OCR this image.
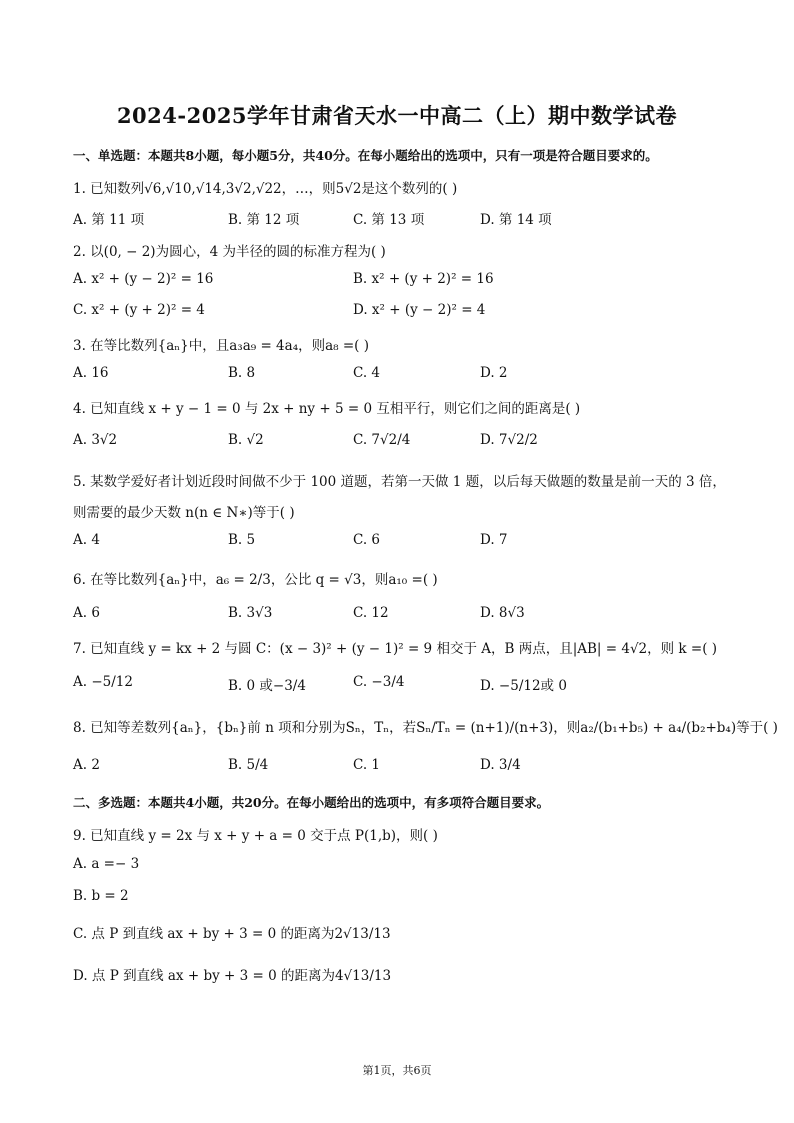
2024-2025学年甘肃省天水一中高二（上）期中数学试卷
一、单选题：本题共8小题，每小题5分，共40分。在每小题给出的选项中，只有一项是符合题目要求的。
1. 已知数列√6,√10,√14,3√2,√22，…，则5√2是这个数列的( )
A. 第 11 项	B. 第 12 项	C. 第 13 项	D. 第 14 项
2. 以(0, − 2)为圆心，4 为半径的圆的标准方程为( )
A. x² + (y − 2)² = 16	B. x² + (y + 2)² = 16
C. x² + (y + 2)² = 4	D. x² + (y − 2)² = 4
3. 在等比数列{aₙ}中，且a₃a₉ = 4a₄，则a₈ =( )
A. 16	B. 8	C. 4	D. 2
4. 已知直线 x + y − 1 = 0 与 2x + ny + 5 = 0 互相平行，则它们之间的距离是( )
A. 3√2	B. √2	C. 7√2/4	D. 7√2/2
5. 某数学爱好者计划近段时间做不少于 100 道题，若第一天做 1 题，以后每天做题的数量是前一天的 3 倍，
则需要的最少天数 n(n ∈ N∗)等于( )
A. 4	B. 5	C. 6	D. 7
6. 在等比数列{aₙ}中，a₆ = 2/3，公比 q = √3，则a₁₀ =( )
A. 6	B. 3√3	C. 12	D. 8√3
7. 已知直线 y = kx + 2 与圆 C：(x − 3)² + (y − 1)² = 9 相交于 A，B 两点，且|AB| = 4√2，则 k =( )
A. −5/12	B. 0 或−3/4	C. −3/4	D. −5/12或 0
8. 已知等差数列{aₙ}，{bₙ}前 n 项和分别为Sₙ，Tₙ，若Sₙ/Tₙ = (n+1)/(n+3)，则a₂/(b₁+b₅) + a₄/(b₂+b₄)等于( )
A. 2	B. 5/4	C. 1	D. 3/4
二、多选题：本题共4小题，共20分。在每小题给出的选项中，有多项符合题目要求。
9. 已知直线 y = 2x 与 x + y + a = 0 交于点 P(1,b)，则( )
A. a =− 3
B. b = 2
C. 点 P 到直线 ax + by + 3 = 0 的距离为2√13/13
D. 点 P 到直线 ax + by + 3 = 0 的距离为4√13/13
第1页，共6页
